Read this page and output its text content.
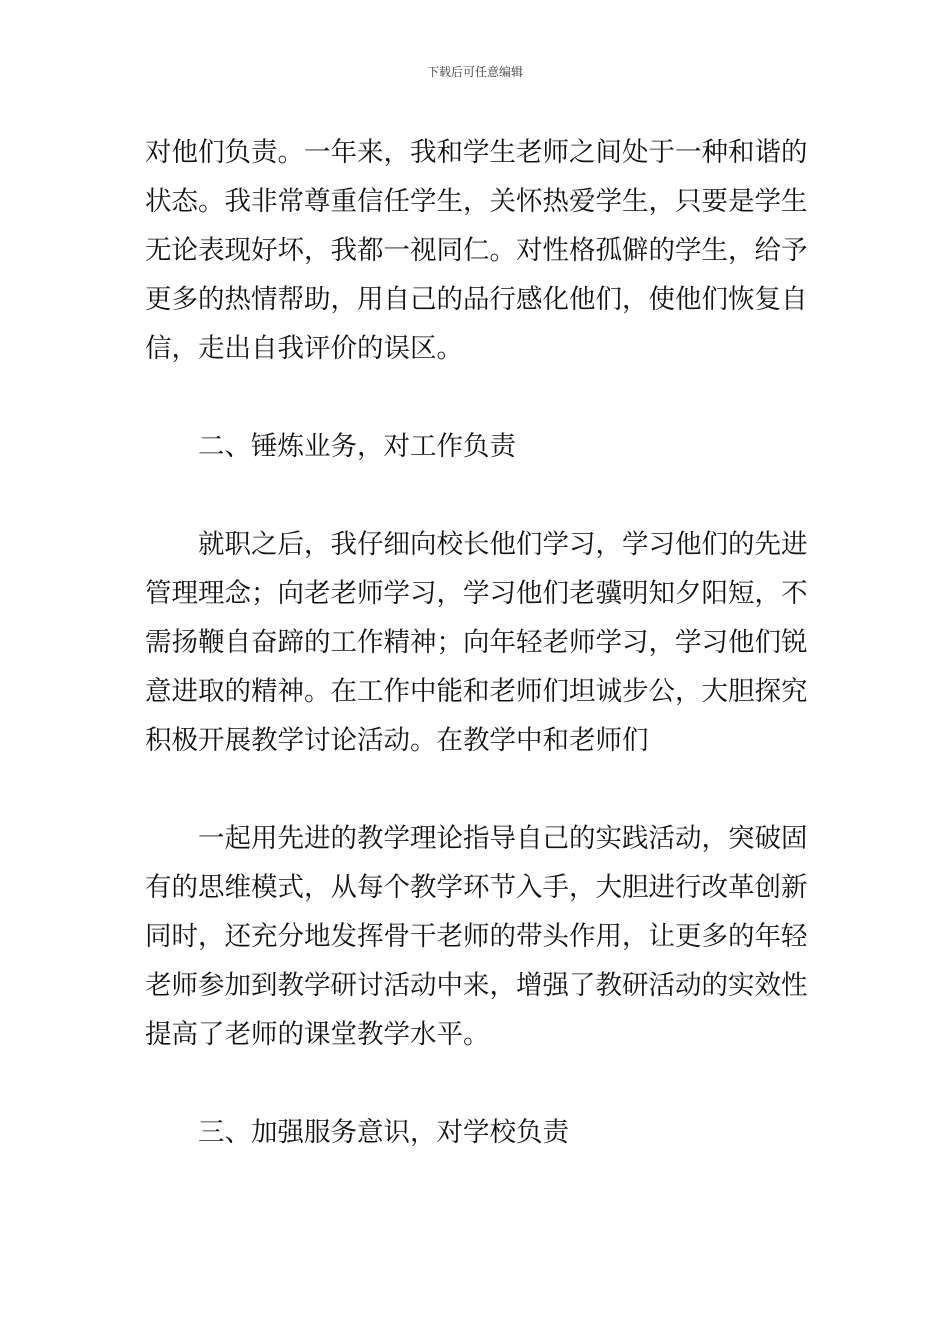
下载后可任意编辑
对他们负责。一年来，我和学生老师之间处于一种和谐的
状态。我非常尊重信任学生，关怀热爱学生，只要是学生
无论表现好坏，我都一视同仁。对性格孤僻的学生，给予
更多的热情帮助，用自己的品行感化他们，使他们恢复自
信，走出自我评价的误区。
二、锤炼业务，对工作负责
就职之后，我仔细向校长他们学习，学习他们的先进
管理理念；向老老师学习，学习他们老骥明知夕阳短，不
需扬鞭自奋蹄的工作精神；向年轻老师学习，学习他们锐
意进取的精神。在工作中能和老师们坦诚步公，大胆探究
积极开展教学讨论活动。在教学中和老师们
一起用先进的教学理论指导自己的实践活动，突破固
有的思维模式，从每个教学环节入手，大胆进行改革创新
同时，还充分地发挥骨干老师的带头作用，让更多的年轻
老师参加到教学研讨活动中来，增强了教研活动的实效性
提高了老师的课堂教学水平。
三、加强服务意识，对学校负责
